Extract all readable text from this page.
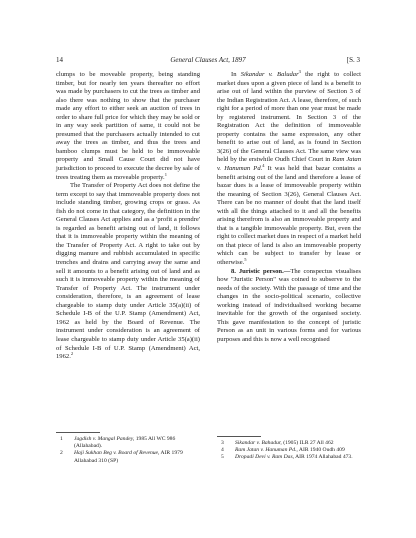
14	General Clauses Act, 1897	[S. 3

clumps to be moveable property, being standing timber, but for nearly ten years thereafter no effort was made by purchasers to cut the trees as timber and also there was nothing to show that the purchaser made any effort to either seek an auction of trees in order to share full price for which they may be sold or in any way seek partition of same, it could not be presumed that the purchasers actually intended to cut away the trees as timber, and thus the trees and bamboo clumps must be held to be immoveable property and Small Cause Court did not have jurisdiction to proceed to execute the decree by sale of trees treating them as moveable property.$^1$

The Transfer of Property Act does not define the term except to say that immoveable property does not include standing timber, growing crops or grass. As fish do not come in that category, the definition in the General Clauses Act applies and as a 'profit a prendre' is regarded as benefit arising out of land, it follows that it is immoveable property within the meaning of the Transfer of Property Act. A right to take out by digging manure and rubbish accumulated in specific trenches and drains and carrying away the same and sell it amounts to a benefit arising out of land and as such it is immoveable property within the meaning of Transfer of Property Act. The instrument under consideration, therefore, is an agreement of lease chargeable to stamp duty under Article 35(a)(ii) of Schedule I-B of the U.P. Stamp (Amendment) Act, 1962 as held by the Board of Revenue. The instrument under consideration is an agreement of lease chargeable to stamp duty under Article 35(a)(ii) of Schedule I-B of U.P. Stamp (Amendment) Act, 1962.$^2$

In Sikandar v. Baludar$^3$ the right to collect market dues upon a given piece of land is a benefit to arise out of land within the purview of Section 3 of the Indian Registration Act. A lease, therefore, of such right for a period of more than one year must be made by registered instrument. In Section 3 of the Registration Act the definition of immoveable property contains the same expression, any other benefit to arise out of land, as is found in Section 3(26) of the General Clauses Act. The same view was held by the erstwhile Oudh Chief Court in Ram Jatan v. Hanuman Pd.$^4$ It was held that bazar contains a benefit arising out of the land and therefore a lease of bazar dues is a lease of immoveable property within the meaning of Section 3(26), General Clauses Act. There can be no manner of doubt that the land itself with all the things attached to it and all the benefits arising therefrom is also an immoveable property and that is a tangible immoveable property. But, even the right to collect market dues in respect of a market held on that piece of land is also an immoveable property which can be subject to transfer by lease or otherwise.$^5$

8. Juristic person.—The conspectus visualises how "Juristic Person" was coined to subserve to the needs of the society. With the passage of time and the changes in the socio-political scenario, collective working instead of individualised working became inevitable for the growth of the organised society. This gave manifestation to the concept of juristic Person as an unit in various forms and for various purposes and this is now a well recognised

1	Jagdish v. Mangal Pandey, 1985 All WC 986 (Allahabad).
2	Haji Sukhan Beg v. Board of Revenue, AIR 1979 Allahabad 310 (SP)
3	Sikandar v. Bahadur, (1905) ILR 27 All 462
4	Ram Jatan v. Hanuman Pd., AIR 1940 Oudh 409
5	Dropadi Devi v. Ram Das, AIR 1974 Allahabad 473.
